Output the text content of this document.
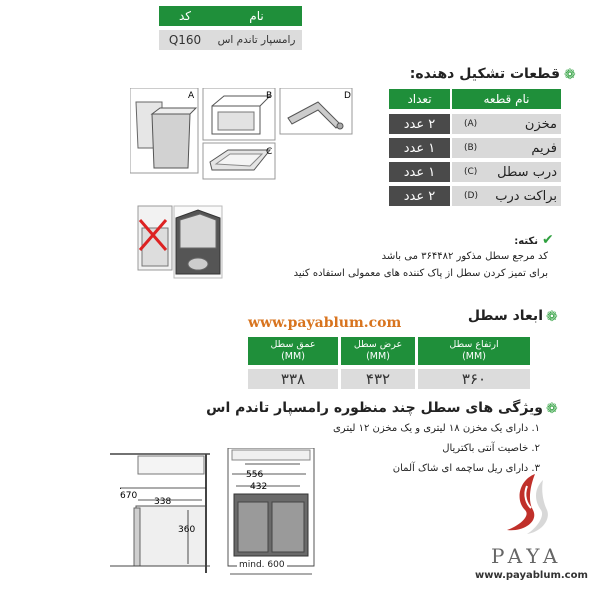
کد	نام
Q160	رامسپار تاندم اس
قطعات تشکیل دهنده: ❁
تعداد	نام قطعه
۲ عدد	(A)	مخزن
۱ عدد	(B)	فریم
۱ عدد	(C) درب سطل
۲ عدد	(D) براکت درب
A	B	D
C
✔
نکته:
کد مرجع سطل مذکور ۳۶۴۴۸۲ می باشد
برای تمیز کردن سطل از پاک کننده های معمولی استفاده کنید
ابعاد سطل ❁
www.payablum.com
عمق سطل
(MM)
عرض سطل
(MM)
ارتفاع سطل
(MM)
۳۳۸	۴۳۲	۳۶۰
ویژگی های سطل چند منظوره رامسپار تاندم اس ❁
۱. دارای یک مخزن ۱۸ لیتری و یک مخزن ۱۲ لیتری
۲. خاصیت آنتی باکتریال
۳. دارای ریل ساچمه ای شاک آلمان
670
338
360
556
432
mind. 600	PAYA
www.payablum.com
